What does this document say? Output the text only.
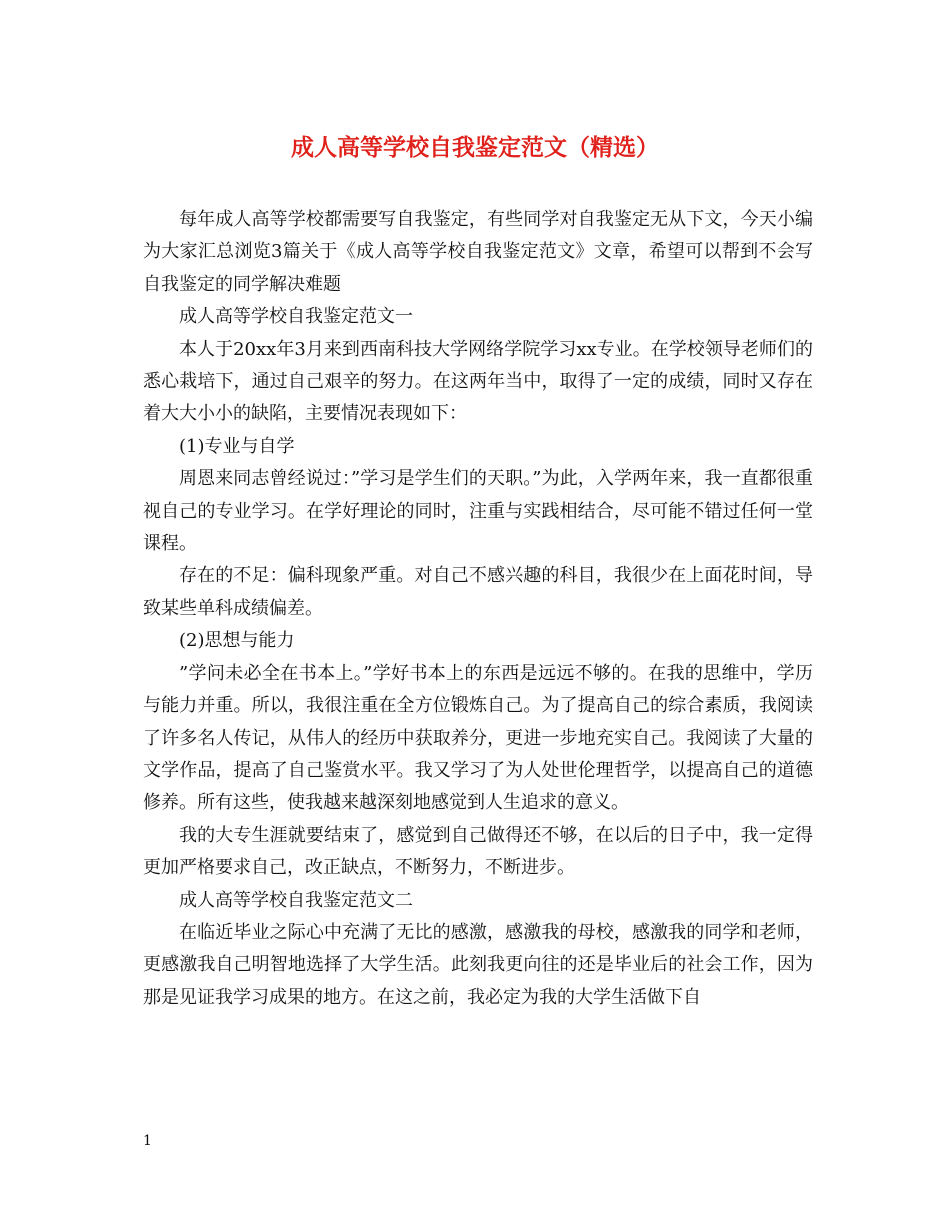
成人高等学校自我鉴定范文（精选）

每年成人高等学校都需要写自我鉴定，有些同学对自我鉴定无从下文，今天小编为大家汇总浏览3篇关于《成人高等学校自我鉴定范文》文章，希望可以帮到不会写自我鉴定的同学解决难题

成人高等学校自我鉴定范文一

本人于20xx年3月来到西南科技大学网络学院学习xx专业。在学校领导老师们的悉心栽培下，通过自己艰辛的努力。在这两年当中，取得了一定的成绩，同时又存在着大大小小的缺陷，主要情况表现如下：

(1)专业与自学

周恩来同志曾经说过：”学习是学生们的天职。”为此，入学两年来，我一直都很重视自己的专业学习。在学好理论的同时，注重与实践相结合，尽可能不错过任何一堂课程。

存在的不足：偏科现象严重。对自己不感兴趣的科目，我很少在上面花时间，导致某些单科成绩偏差。

(2)思想与能力

”学问未必全在书本上。”学好书本上的东西是远远不够的。在我的思维中，学历与能力并重。所以，我很注重在全方位锻炼自己。为了提高自己的综合素质，我阅读了许多名人传记，从伟人的经历中获取养分，更进一步地充实自己。我阅读了大量的文学作品，提高了自己鉴赏水平。我又学习了为人处世伦理哲学，以提高自己的道德修养。所有这些，使我越来越深刻地感觉到人生追求的意义。

我的大专生涯就要结束了，感觉到自己做得还不够，在以后的日子中，我一定得更加严格要求自己，改正缺点，不断努力，不断进步。

成人高等学校自我鉴定范文二

在临近毕业之际心中充满了无比的感激，感激我的母校，感激我的同学和老师，更感激我自己明智地选择了大学生活。此刻我更向往的还是毕业后的社会工作，因为那是见证我学习成果的地方。在这之前，我必定为我的大学生活做下自

1
